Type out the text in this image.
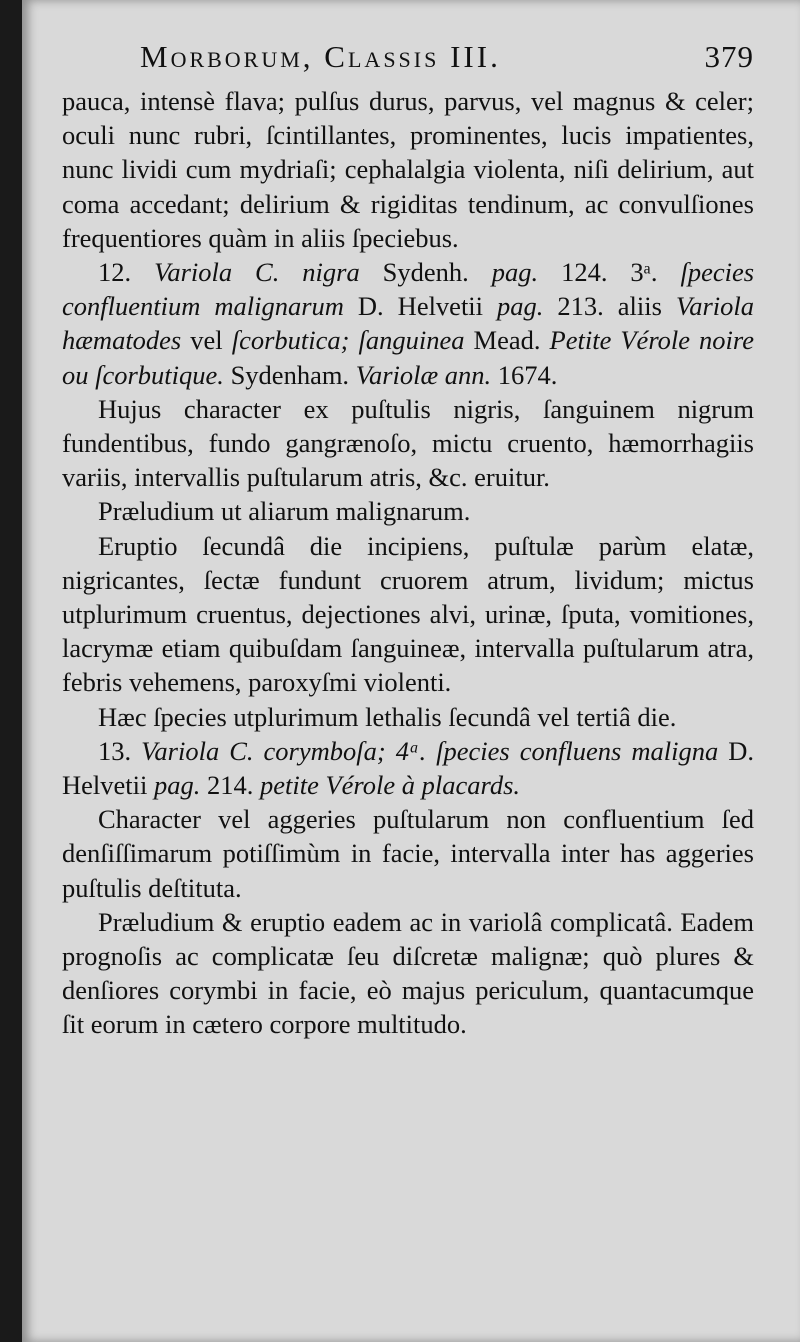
Morborum, Classis III.	379

pauca, intensè flava; pulſus durus, parvus, vel magnus & celer; oculi nunc rubri, ſcintillantes, prominentes, lucis impatientes, nunc lividi cum mydriaſi; cephalalgia violenta, niſi delirium, aut coma accedant; delirium & rigiditas tendinum, ac convulſiones frequentiores quàm in aliis ſpeciebus.

12. Variola C. nigra Sydenh. pag. 124. 3ᵃ. ſpecies confluentium malignarum D. Helvetii pag. 213. aliis Variola hæmatodes vel ſcorbutica; ſanguinea Mead. Petite Vérole noire ou ſcorbutique. Sydenham. Variolæ ann. 1674.

Hujus character ex puſtulis nigris, ſanguinem nigrum fundentibus, fundo gangrænoſo, mictu cruento, hæmorrhagiis variis, intervallis puſtularum atris, &c. eruitur.

Præludium ut aliarum malignarum.

Eruptio ſecundâ die incipiens, puſtulæ parùm elatæ, nigricantes, ſectæ fundunt cruorem atrum, lividum; mictus utplurimum cruentus, dejectiones alvi, urinæ, ſputa, vomitiones, lacrymæ etiam quibuſdam ſanguineæ, intervalla puſtularum atra, febris vehemens, paroxyſmi violenti.

Hæc ſpecies utplurimum lethalis ſecundâ vel tertiâ die.

13. Variola C. corymboſa; 4ᵃ. ſpecies confluens maligna D. Helvetii pag. 214. petite Vérole à placards.

Character vel aggeries puſtularum non confluentium ſed denſiſſimarum potiſſimùm in facie, intervalla inter has aggeries puſtulis deſtituta.

Præludium & eruptio eadem ac in variolâ complicatâ. Eadem prognoſis ac complicatæ ſeu diſcretæ malignæ; quò plures & denſiores corymbi in facie, eò majus periculum, quantacumque ſit eorum in cætero corpore multitudo.
